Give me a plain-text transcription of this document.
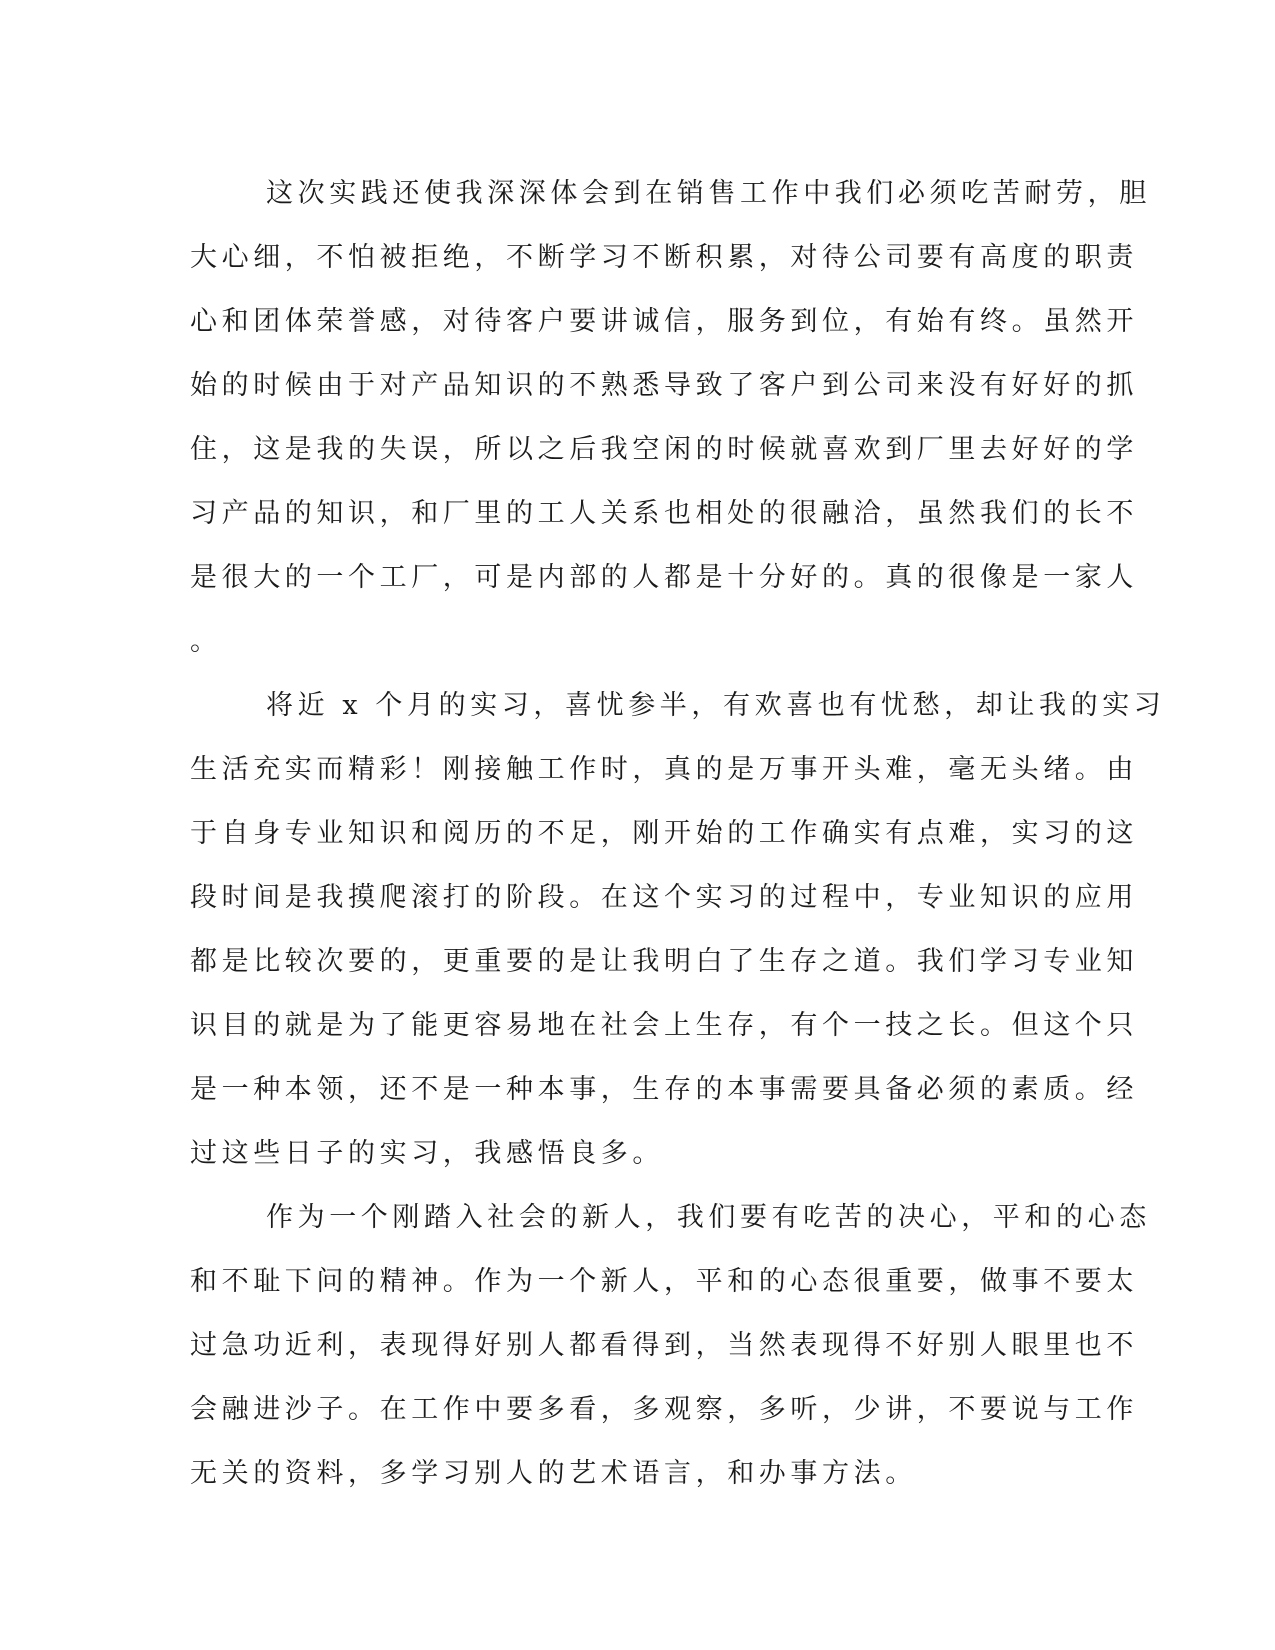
这次实践还使我深深体会到在销售工作中我们必须吃苦耐劳，胆
大心细，不怕被拒绝，不断学习不断积累，对待公司要有高度的职责
心和团体荣誉感，对待客户要讲诚信，服务到位，有始有终。虽然开
始的时候由于对产品知识的不熟悉导致了客户到公司来没有好好的抓
住，这是我的失误，所以之后我空闲的时候就喜欢到厂里去好好的学
习产品的知识，和厂里的工人关系也相处的很融洽，虽然我们的长不
是很大的一个工厂，可是内部的人都是十分好的。真的很像是一家人
。
将近 x 个月的实习，喜忧参半，有欢喜也有忧愁，却让我的实习
生活充实而精彩！刚接触工作时，真的是万事开头难，毫无头绪。由
于自身专业知识和阅历的不足，刚开始的工作确实有点难，实习的这
段时间是我摸爬滚打的阶段。在这个实习的过程中，专业知识的应用
都是比较次要的，更重要的是让我明白了生存之道。我们学习专业知
识目的就是为了能更容易地在社会上生存，有个一技之长。但这个只
是一种本领，还不是一种本事，生存的本事需要具备必须的素质。经
过这些日子的实习，我感悟良多。
作为一个刚踏入社会的新人，我们要有吃苦的决心，平和的心态
和不耻下问的精神。作为一个新人，平和的心态很重要，做事不要太
过急功近利，表现得好别人都看得到，当然表现得不好别人眼里也不
会融进沙子。在工作中要多看，多观察，多听，少讲，不要说与工作
无关的资料，多学习别人的艺术语言，和办事方法。
